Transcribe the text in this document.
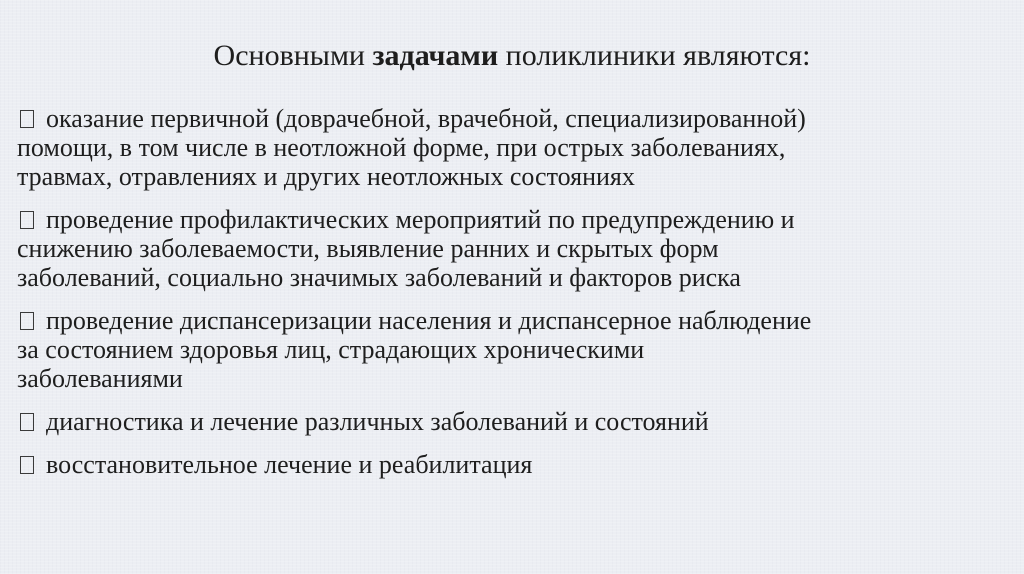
Основными задачами поликлиники являются:
оказание первичной (доврачебной, врачебной, специализированной)
помощи, в том числе в неотложной форме, при острых заболеваниях,
травмах, отравлениях и других неотложных состояниях
проведение профилактических мероприятий по предупреждению и
снижению заболеваемости, выявление ранних и скрытых форм
заболеваний, социально значимых заболеваний и факторов риска
проведение диспансеризации населения и диспансерное наблюдение
за состоянием здоровья лиц, страдающих хроническими
заболеваниями
диагностика и лечение различных заболеваний и состояний
восстановительное лечение и реабилитация
